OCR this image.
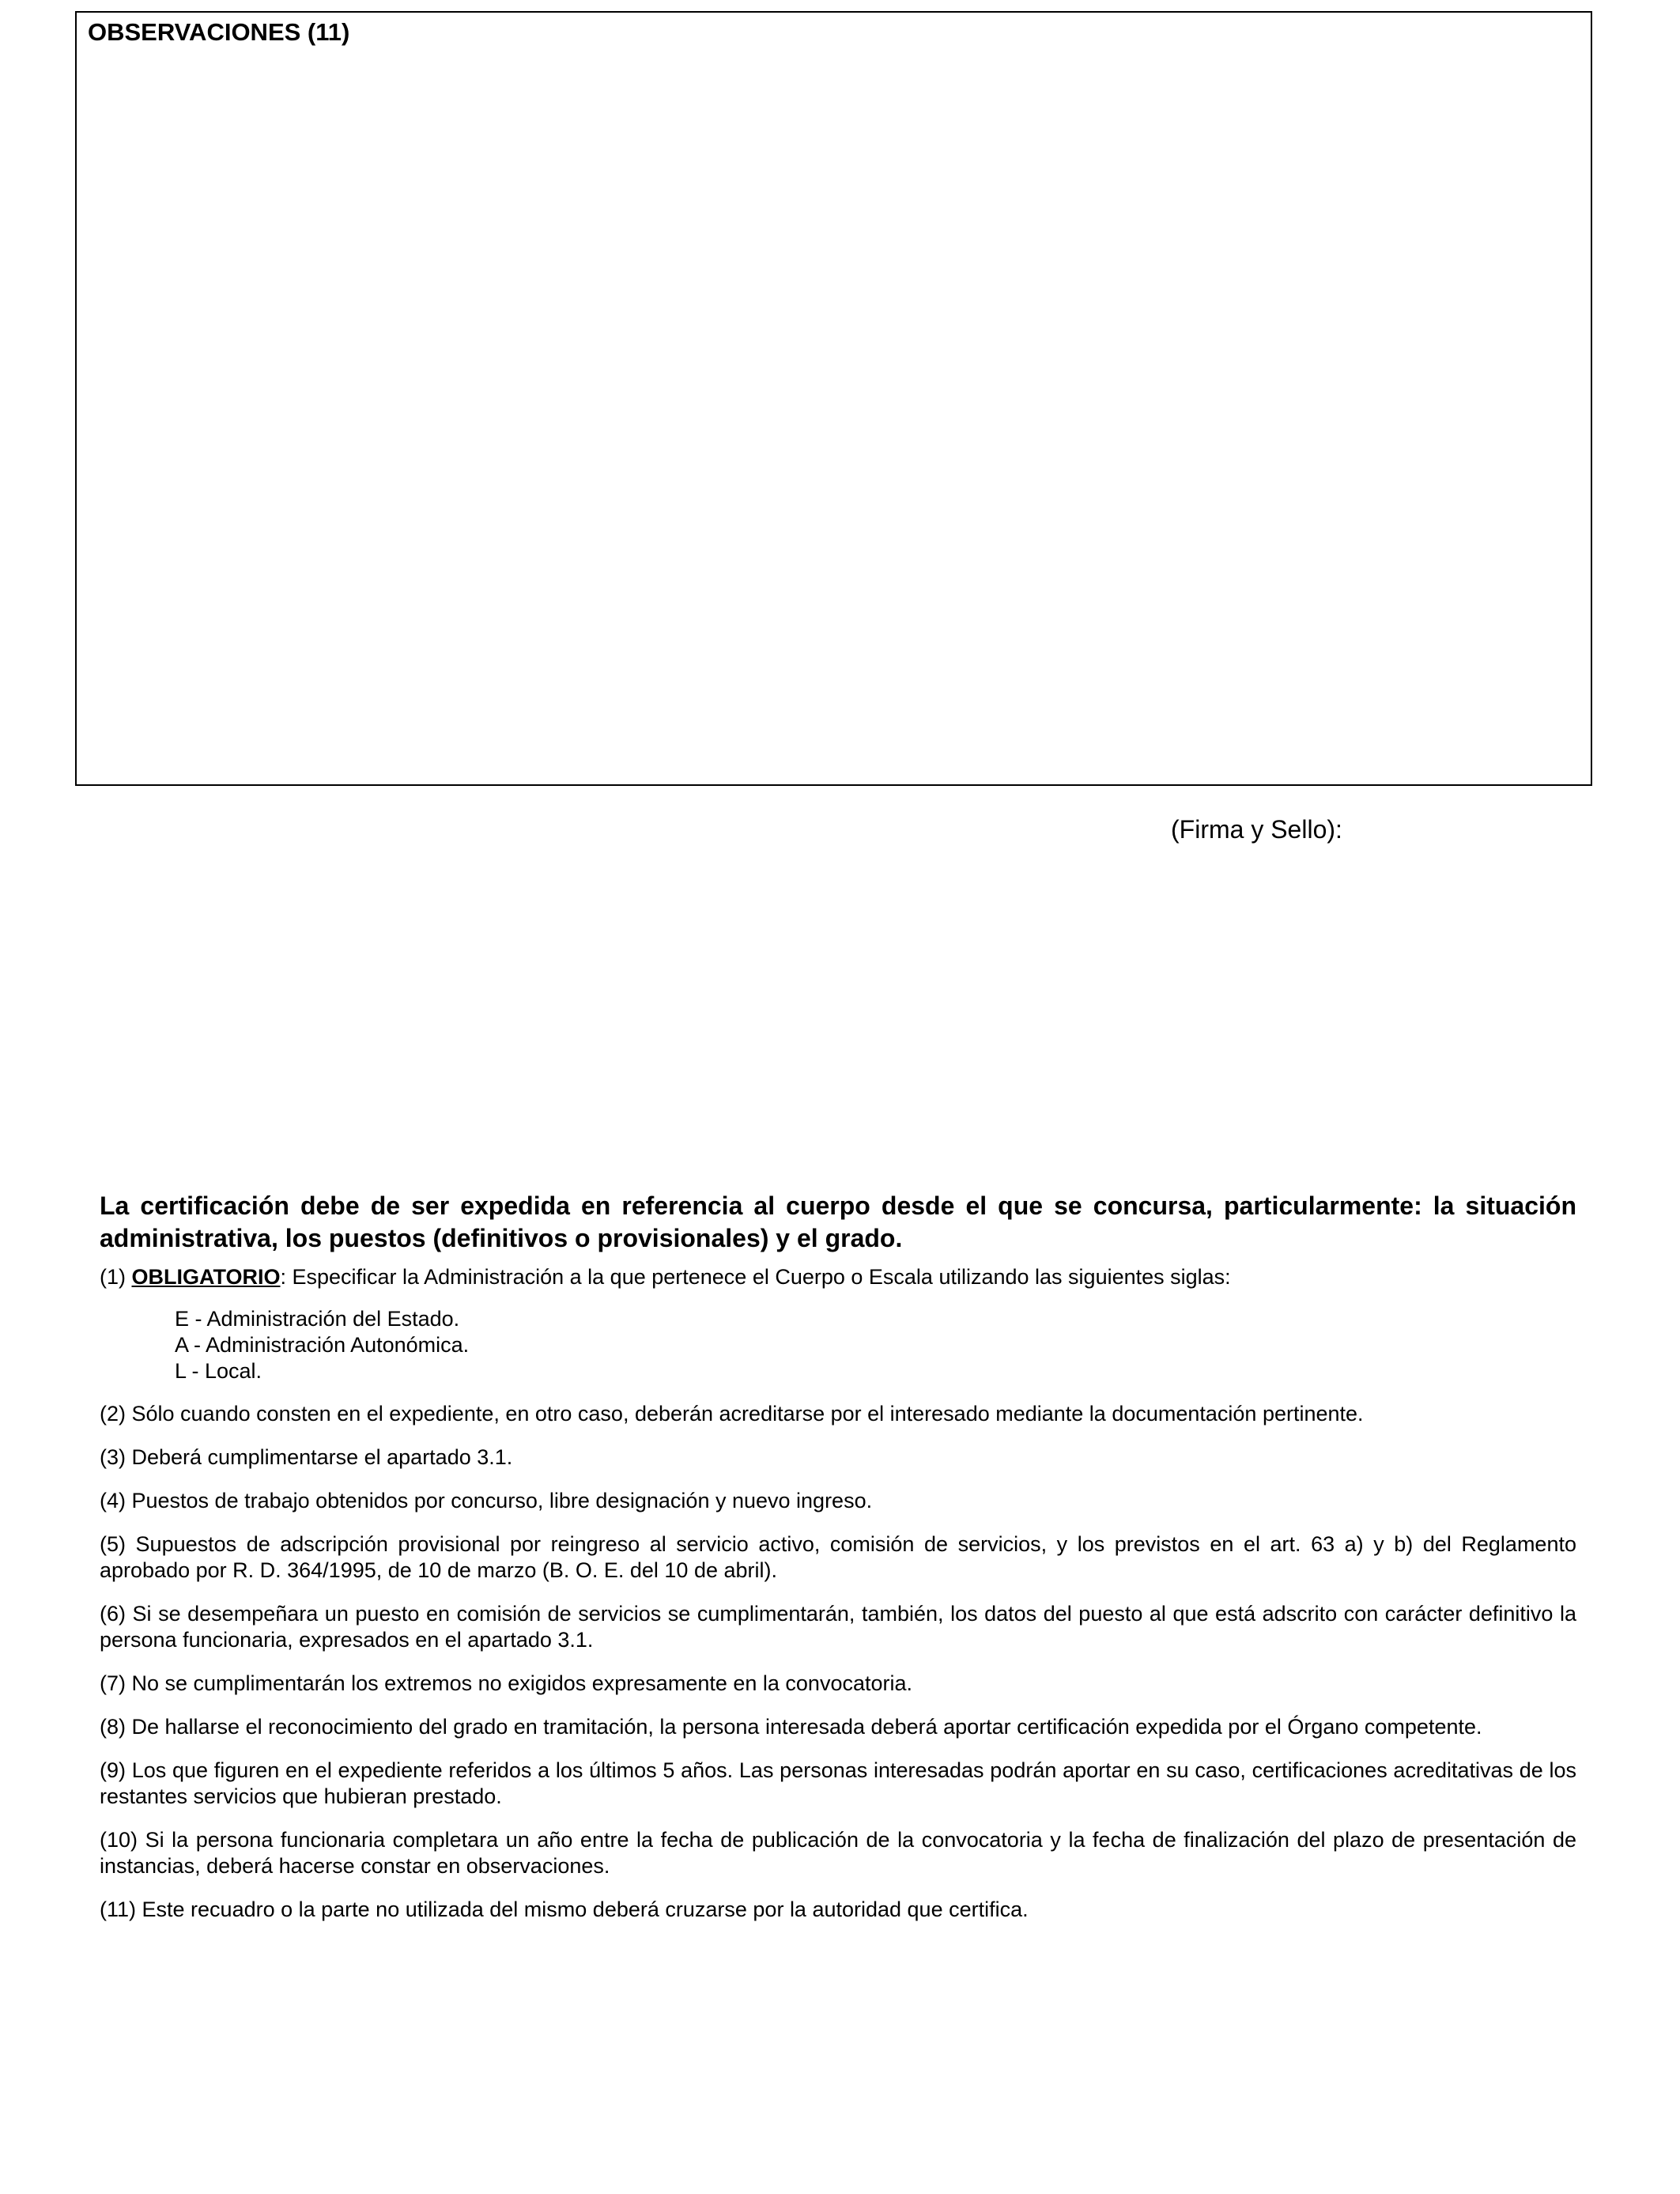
OBSERVACIONES (11)

(Firma y Sello):

La certificación debe de ser expedida en referencia al cuerpo desde el que se concursa, particularmente: la situación administrativa, los puestos (definitivos o provisionales) y el grado.

(1) OBLIGATORIO: Especificar la Administración a la que pertenece el Cuerpo o Escala utilizando las siguientes siglas:

E - Administración del Estado.
A - Administración Autonómica.
L - Local.

(2) Sólo cuando consten en el expediente, en otro caso, deberán acreditarse por el interesado mediante la documentación pertinente.

(3) Deberá cumplimentarse el apartado 3.1.

(4) Puestos de trabajo obtenidos por concurso, libre designación y nuevo ingreso.

(5) Supuestos de adscripción provisional por reingreso al servicio activo, comisión de servicios, y los previstos en el art. 63 a) y b) del Reglamento aprobado por R. D. 364/1995, de 10 de marzo (B. O. E. del 10 de abril).

(6) Si se desempeñara un puesto en comisión de servicios se cumplimentarán, también, los datos del puesto al que está adscrito con carácter definitivo la persona funcionaria, expresados en el apartado 3.1.

(7) No se cumplimentarán los extremos no exigidos expresamente en la convocatoria.

(8) De hallarse el reconocimiento del grado en tramitación, la persona interesada deberá aportar certificación expedida por el Órgano competente.

(9) Los que figuren en el expediente referidos a los últimos 5 años. Las personas interesadas podrán aportar en su caso, certificaciones acreditativas de los restantes servicios que hubieran prestado.

(10) Si la persona funcionaria completara un año entre la fecha de publicación de la convocatoria y la fecha de finalización del plazo de presentación de instancias, deberá hacerse constar en observaciones.

(11) Este recuadro o la parte no utilizada del mismo deberá cruzarse por la autoridad que certifica.
